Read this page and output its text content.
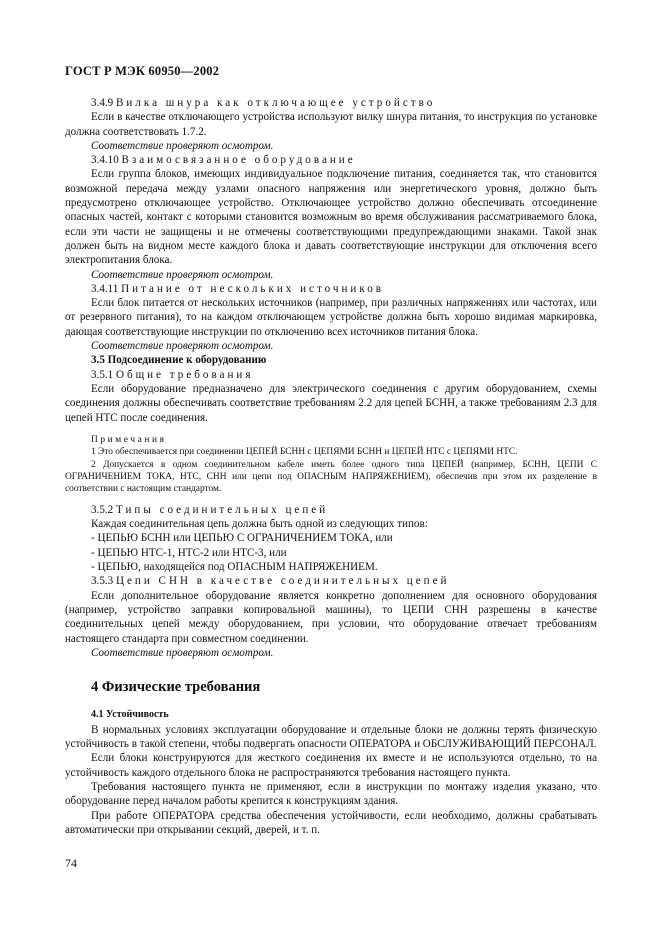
ГОСТ Р МЭК 60950—2002

3.4.9 Вилка шнура как отключающее устройство

Если в качестве отключающего устройства используют вилку шнура питания, то инструкция по установке должна соответствовать 1.7.2.

Соответствие проверяют осмотром.

3.4.10 Взаимосвязанное оборудование

Если группа блоков, имеющих индивидуальное подключение питания, соединяется так, что становится возможной передача между узлами опасного напряжения или энергетического уровня, должно быть предусмотрено отключающее устройство. Отключающее устройство должно обеспечивать отсоединение опасных частей, контакт с которыми становится возможным во время обслуживания рассматриваемого блока, если эти части не защищены и не отмечены соответствующими предупреждающими знаками. Такой знак должен быть на видном месте каждого блока и давать соответствующие инструкции для отключения всего электропитания блока.

Соответствие проверяют осмотром.

3.4.11 Питание от нескольких источников

Если блок питается от нескольких источников (например, при различных напряжениях или частотах, или от резервного питания), то на каждом отключающем устройстве должна быть хорошо видимая маркировка, дающая соответствующие инструкции по отключению всех источников питания блока.

Соответствие проверяют осмотром.

3.5 Подсоединение к оборудованию

3.5.1 Общие требования

Если оборудование предназначено для электрического соединения с другим оборудованием, схемы соединения должны обеспечивать соответствие требованиям 2.2 для цепей БСНН, а также требованиям 2.3 для цепей НТС после соединения.

Примечания

1 Это обеспечивается при соединении ЦЕПЕЙ БСНН с ЦЕПЯМИ БСНН и ЦЕПЕЙ НТС с ЦЕПЯМИ НТС.

2 Допускается в одном соединительном кабеле иметь более одного типа ЦЕПЕЙ (например, БСНН, ЦЕПИ С ОГРАНИЧЕНИЕМ ТОКА, НТС, СНН или цепи под ОПАСНЫМ НАПРЯЖЕНИЕМ), обеспечив при этом их разделение в соответствии с настоящим стандартом.

3.5.2 Типы соединительных цепей

Каждая соединительная цепь должна быть одной из следующих типов:

- ЦЕПЬЮ БСНН или ЦЕПЬЮ С ОГРАНИЧЕНИЕМ ТОКА, или

- ЦЕПЬЮ НТС-1, НТС-2 или НТС-3, или

- ЦЕПЬЮ, находящейся под ОПАСНЫМ НАПРЯЖЕНИЕМ.

3.5.3 Цепи СНН в качестве соединительных цепей

Если дополнительное оборудование является конкретно дополнением для основного оборудования (например, устройство заправки копировальной машины), то ЦЕПИ СНН разрешены в качестве соединительных цепей между оборудованием, при условии, что оборудование отвечает требованиям настоящего стандарта при совместном соединении.

Соответствие проверяют осмотром.

4 Физические требования

4.1 Устойчивость

В нормальных условиях эксплуатации оборудование и отдельные блоки не должны терять физическую устойчивость в такой степени, чтобы подвергать опасности ОПЕРАТОРА и ОБСЛУЖИВАЮЩИЙ ПЕРСОНАЛ.

Если блоки конструируются для жесткого соединения их вместе и не используются отдельно, то на устойчивость каждого отдельного блока не распространяются требования настоящего пункта.

Требования настоящего пункта не применяют, если в инструкции по монтажу изделия указано, что оборудование перед началом работы крепится к конструкциям здания.

При работе ОПЕРАТОРА средства обеспечения устойчивости, если необходимо, должны срабатывать автоматически при открывании секций, дверей, и т. п.

74
